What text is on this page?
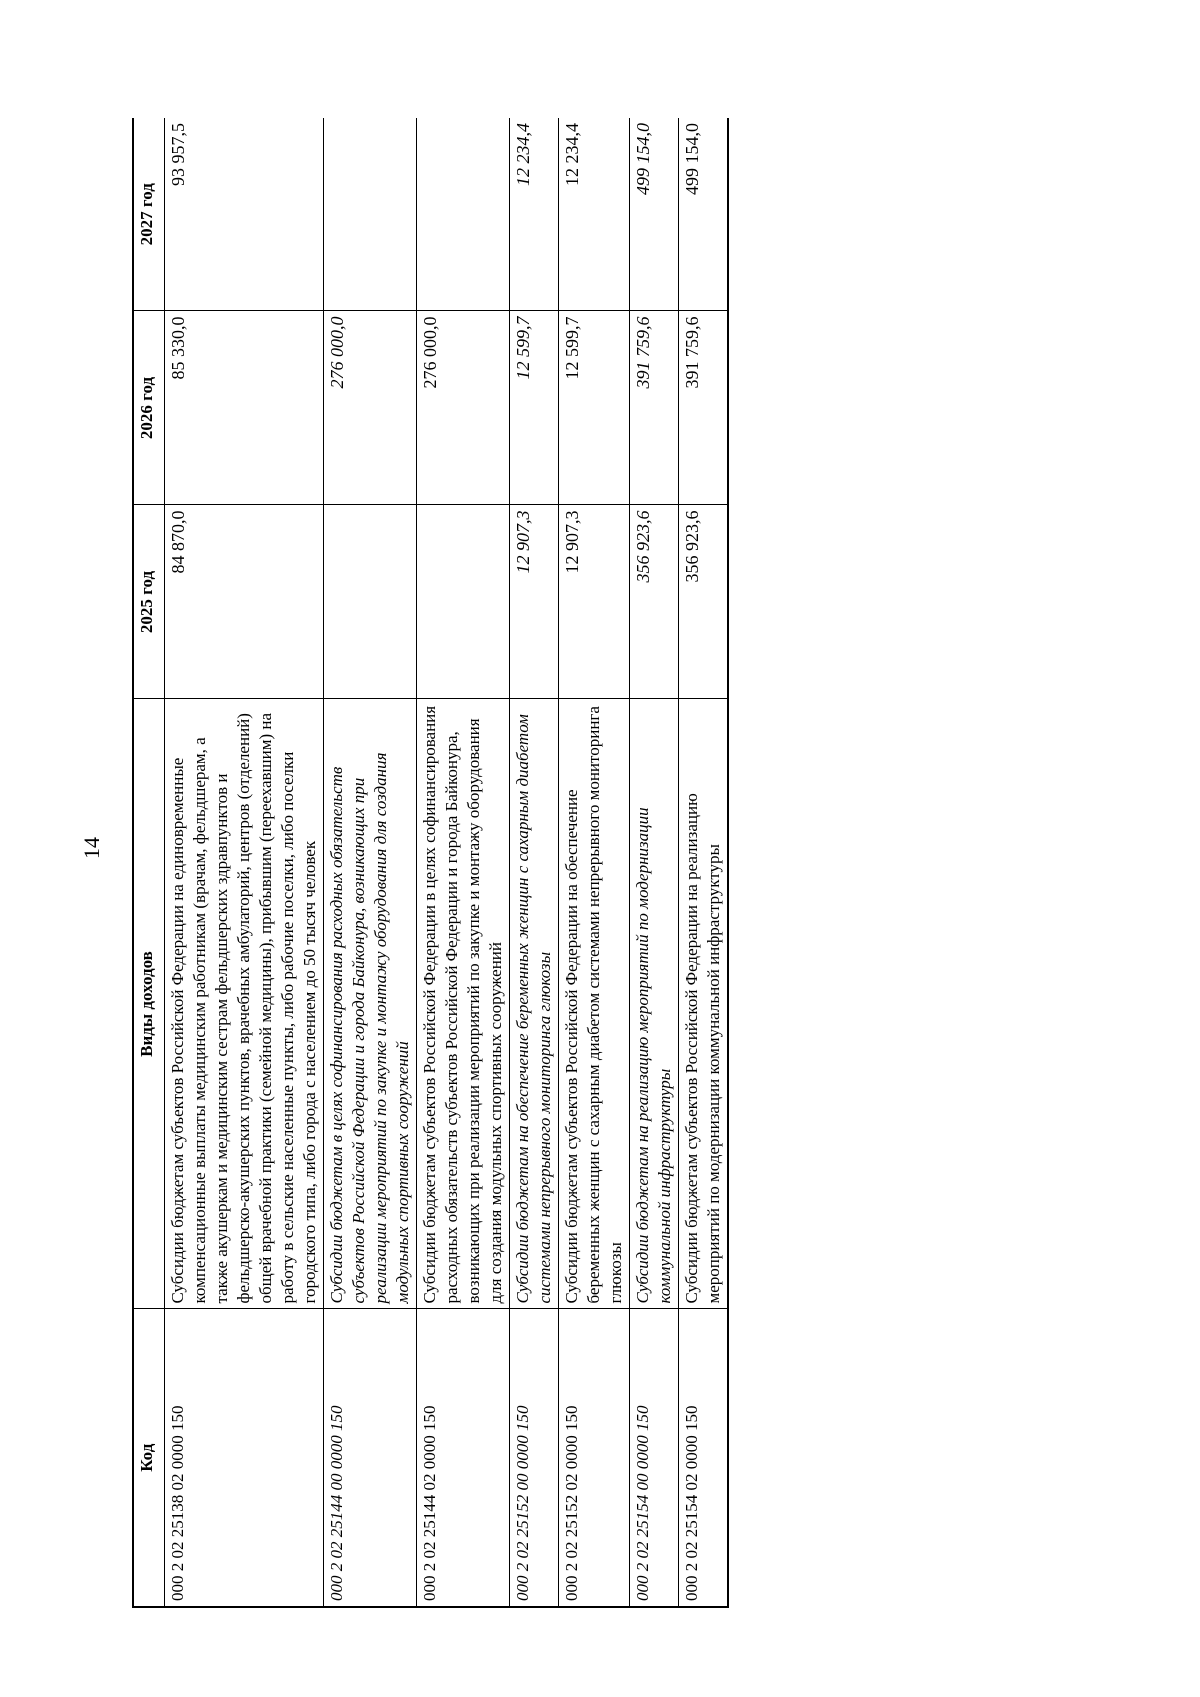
14
Код	Виды доходов	2025 год	2026 год	2027 год
000 2 02 25138 02 0000 150	Субсидии бюджетам субъектов Российской Федерации на единовременные компенсационные выплаты медицинским работникам (врачам, фельдшерам, а также акушеркам и медицинским сестрам фельдшерских здравпунктов и фельдшерско-акушерских пунктов, врачебных амбулаторий, центров (отделений) общей врачебной практики (семейной медицины), прибывшим (переехавшим) на работу в сельские населенные пункты, либо рабочие поселки, либо поселки городского типа, либо города с населением до 50 тысяч человек	84 870,0	85 330,0	93 957,5
000 2 02 25144 00 0000 150	Субсидии бюджетам в целях софинансирования расходных обязательств субъектов Российской Федерации и города Байконура, возникающих при реализации мероприятий по закупке и монтажу оборудования для создания модульных спортивных сооружений		276 000,0	
000 2 02 25144 02 0000 150	Субсидии бюджетам субъектов Российской Федерации в целях софинансирования расходных обязательств субъектов Российской Федерации и города Байконура, возникающих при реализации мероприятий по закупке и монтажу оборудования для создания модульных спортивных сооружений		276 000,0	
000 2 02 25152 00 0000 150	Субсидии бюджетам на обеспечение беременных женщин с сахарным диабетом системами непрерывного мониторинга глюкозы	12 907,3	12 599,7	12 234,4
000 2 02 25152 02 0000 150	Субсидии бюджетам субъектов Российской Федерации на обеспечение беременных женщин с сахарным диабетом системами непрерывного мониторинга глюкозы	12 907,3	12 599,7	12 234,4
000 2 02 25154 00 0000 150	Субсидии бюджетам на реализацию мероприятий по модернизации коммунальной инфраструктуры	356 923,6	391 759,6	499 154,0
000 2 02 25154 02 0000 150	Субсидии бюджетам субъектов Российской Федерации на реализацию мероприятий по модернизации коммунальной инфраструктуры	356 923,6	391 759,6	499 154,0
